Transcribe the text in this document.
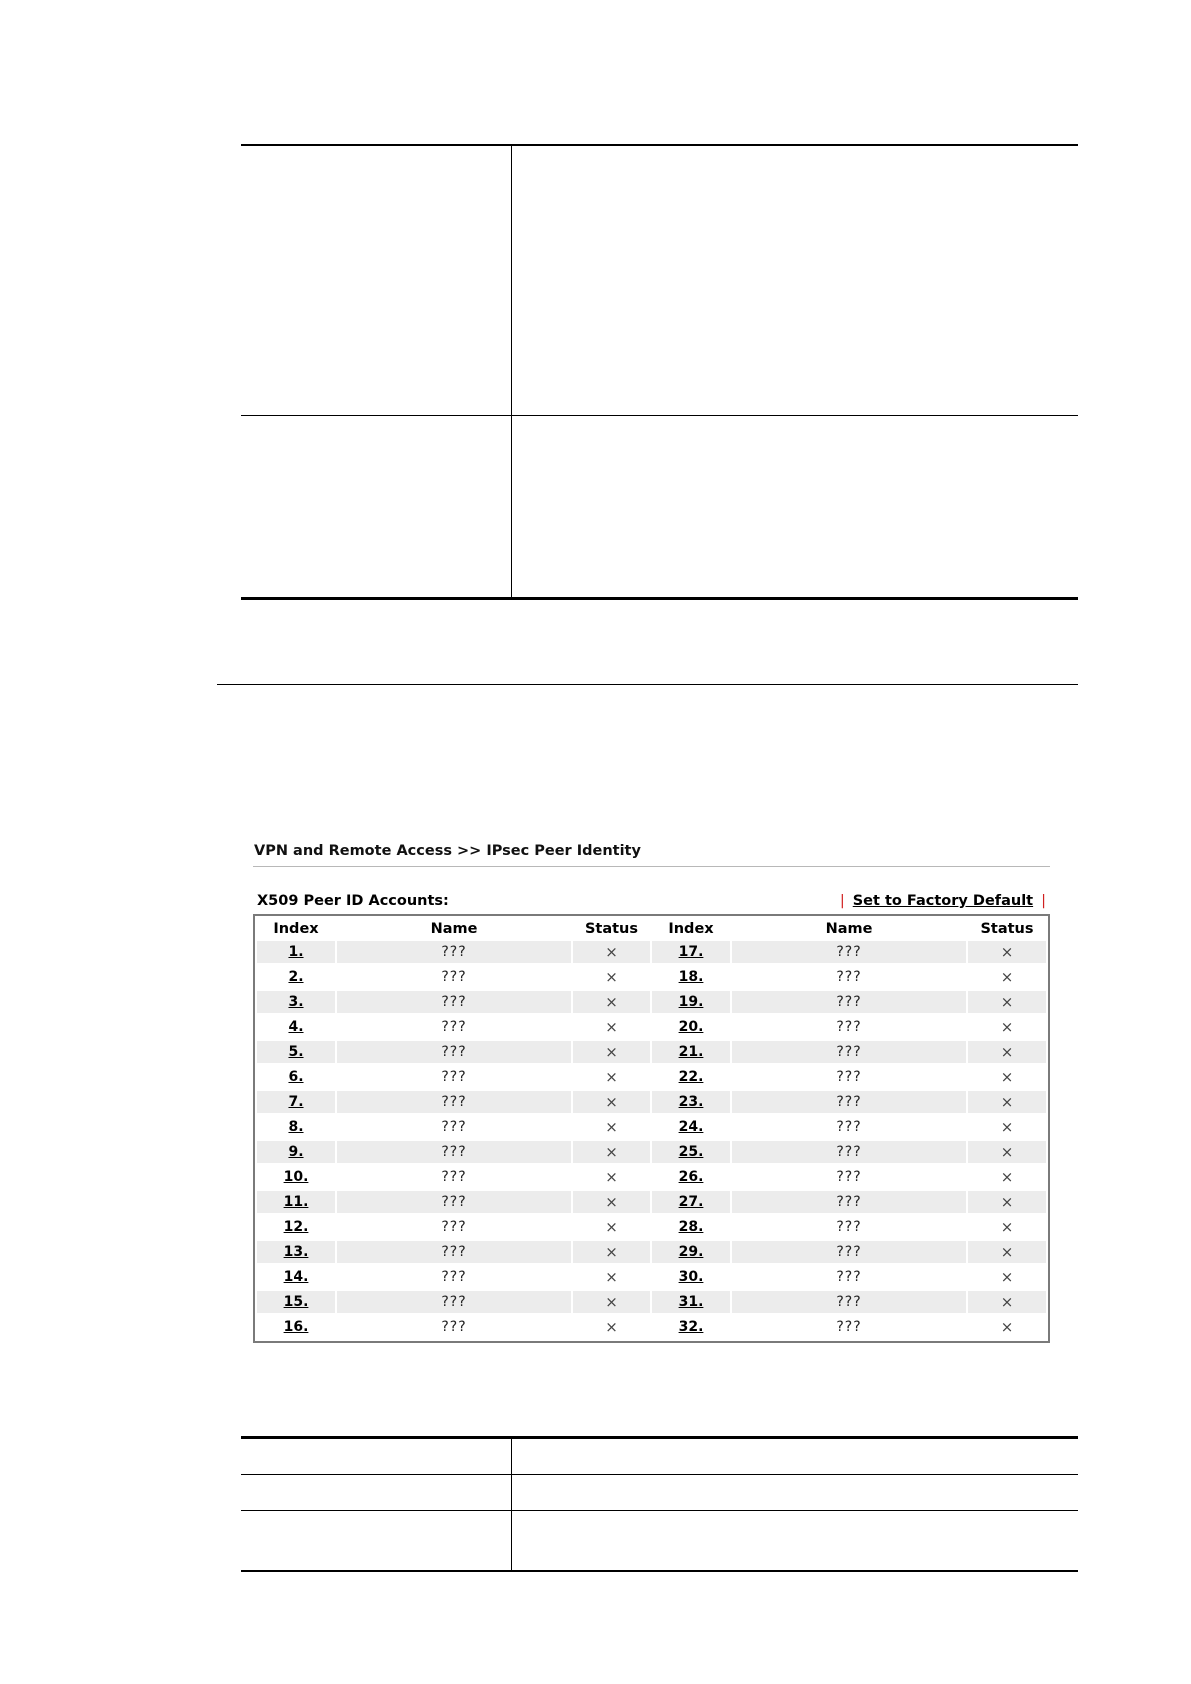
VPN and Remote Access >> IPsec Peer Identity
X509 Peer ID Accounts:	| Set to Factory Default |
Index	Name	Status	Index	Name	Status
1.	???	×	17.	???	×
2.	???	×	18.	???	×
3.	???	×	19.	???	×
4.	???	×	20.	???	×
5.	???	×	21.	???	×
6.	???	×	22.	???	×
7.	???	×	23.	???	×
8.	???	×	24.	???	×
9.	???	×	25.	???	×
10.	???	×	26.	???	×
11.	???	×	27.	???	×
12.	???	×	28.	???	×
13.	???	×	29.	???	×
14.	???	×	30.	???	×
15.	???	×	31.	???	×
16.	???	×	32.	???	×
